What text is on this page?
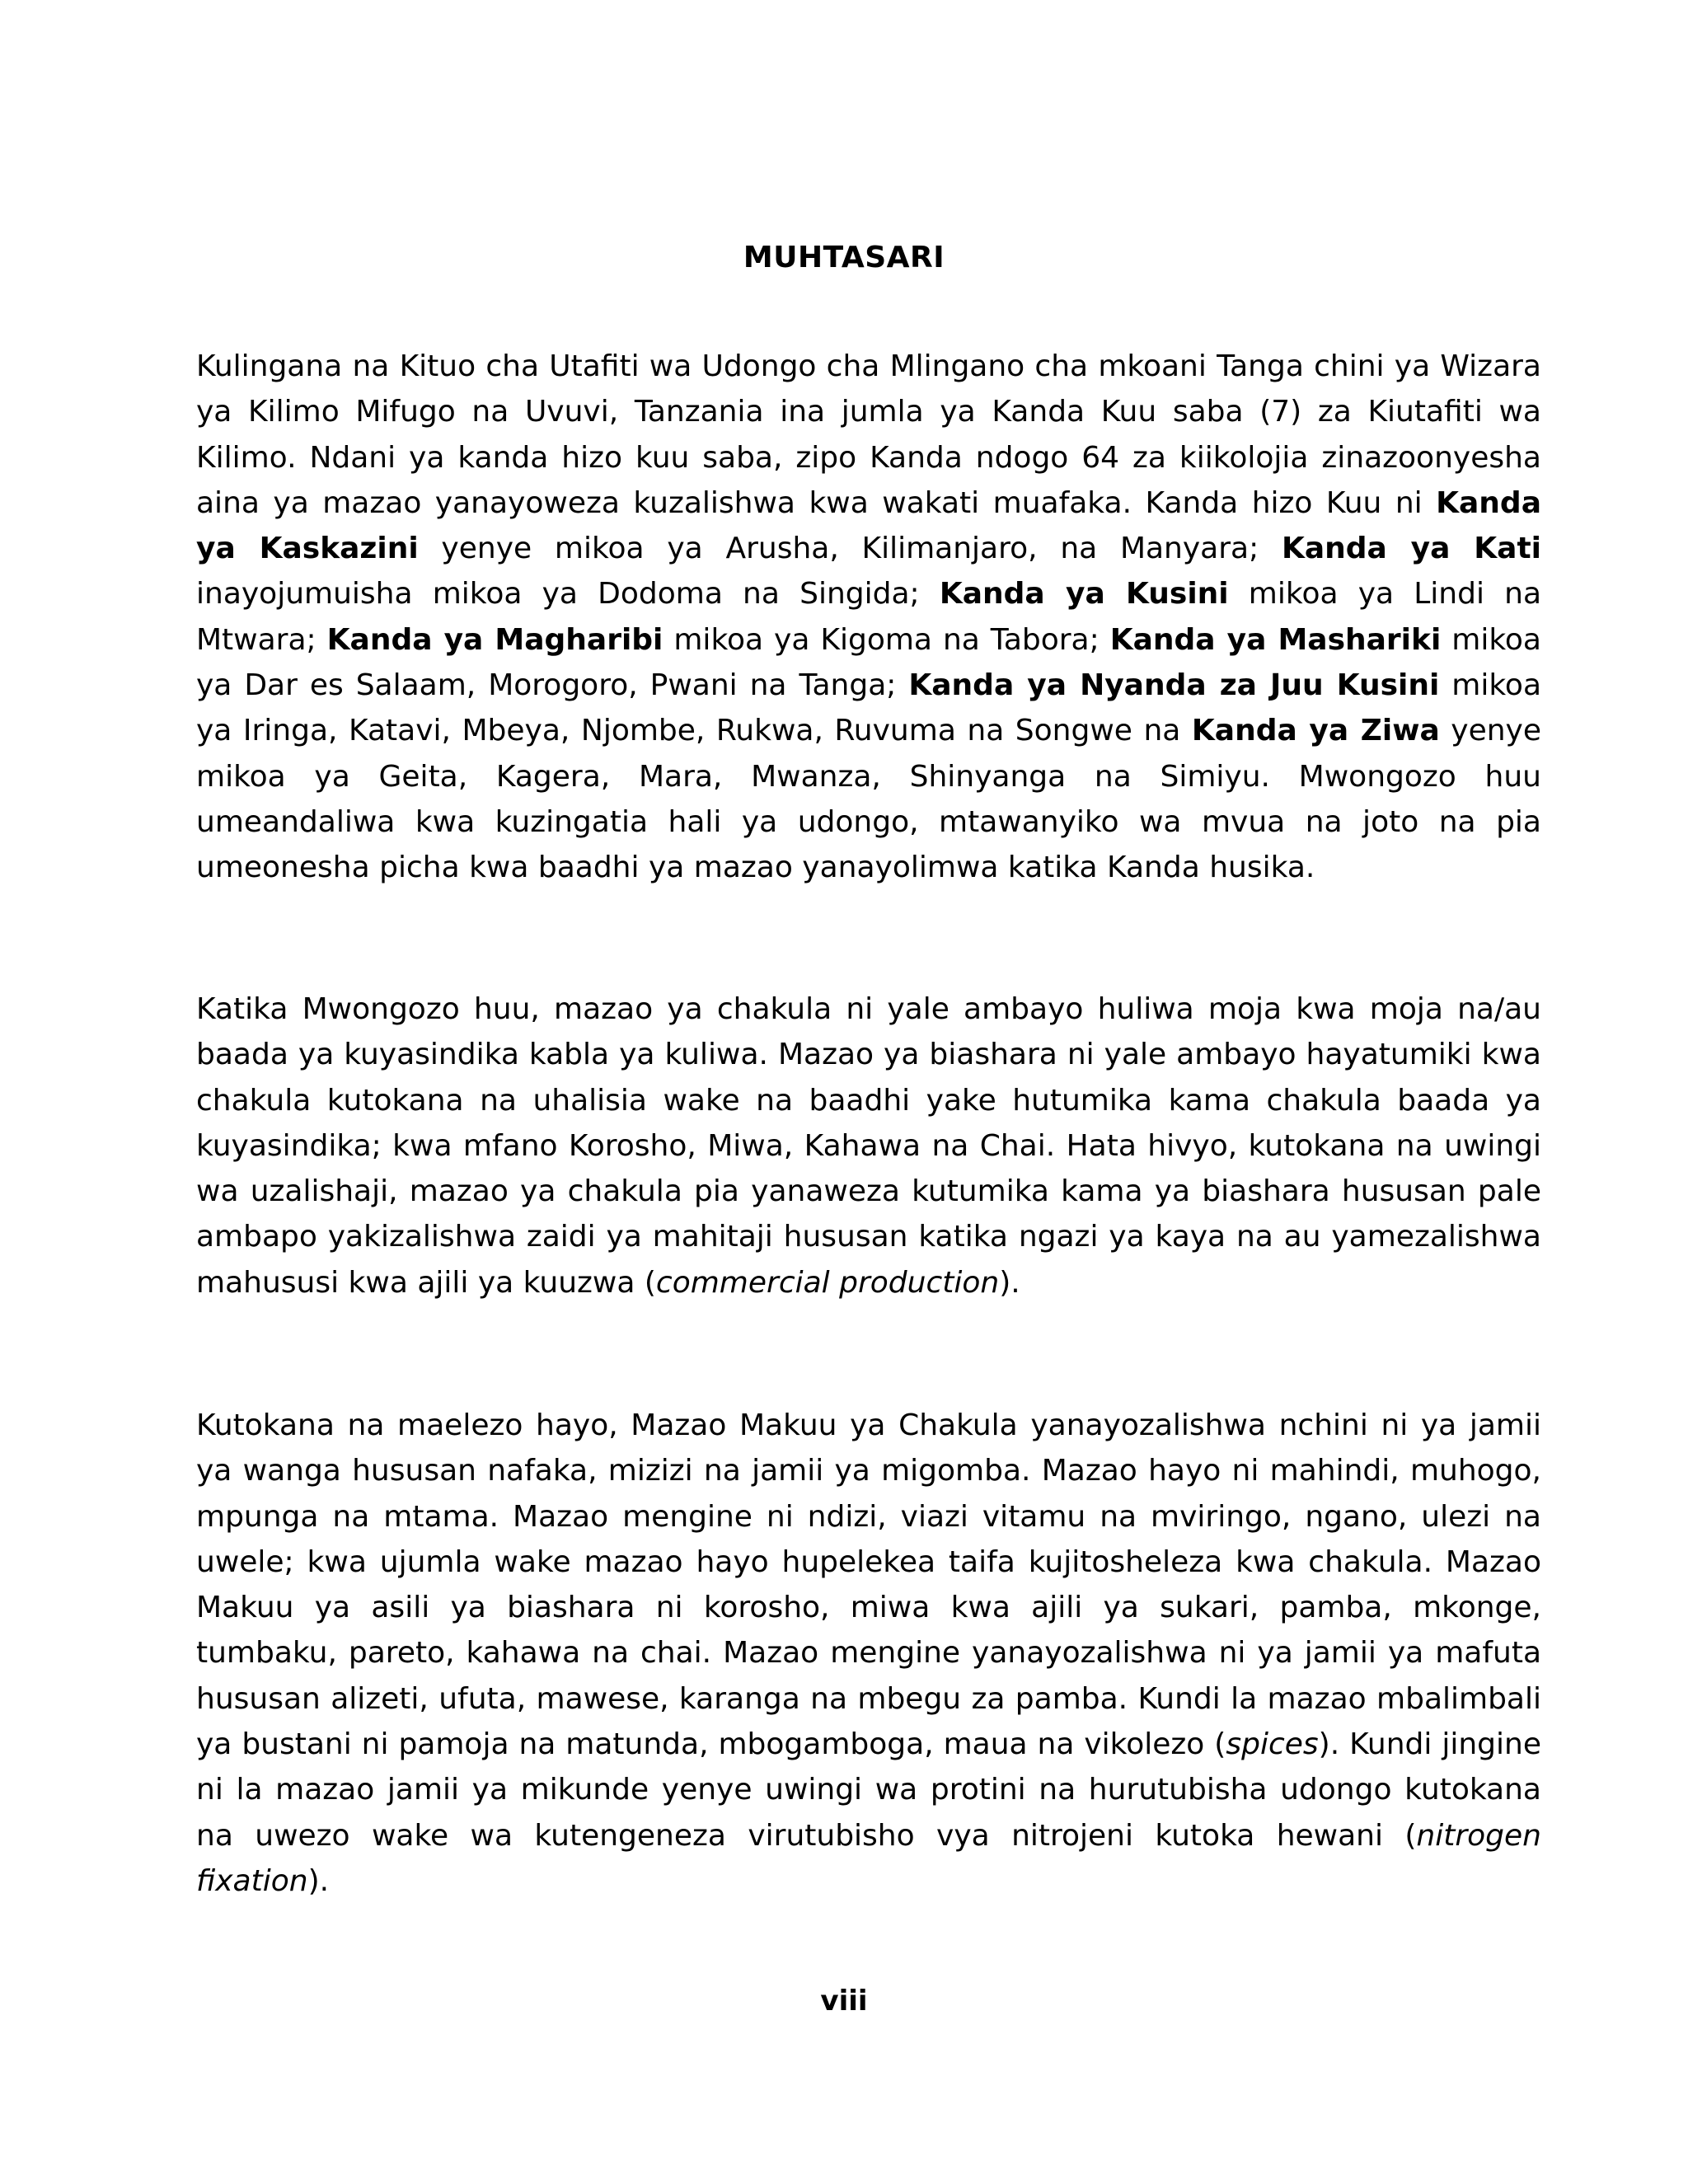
MUHTASARI

Kulingana na Kituo cha Utafiti wa Udongo cha Mlingano cha mkoani Tanga chini ya Wizara ya Kilimo Mifugo na Uvuvi, Tanzania ina jumla ya Kanda Kuu saba (7) za Kiutafiti wa Kilimo. Ndani ya kanda hizo kuu saba, zipo Kanda ndogo 64 za kiikolojia zinazoonyesha aina ya mazao yanayoweza kuzalishwa kwa wakati muafaka. Kanda hizo Kuu ni Kanda ya Kaskazini yenye mikoa ya Arusha, Kilimanjaro, na Manyara; Kanda ya Kati inayojumuisha mikoa ya Dodoma na Singida; Kanda ya Kusini mikoa ya Lindi na Mtwara; Kanda ya Magharibi mikoa ya Kigoma na Tabora; Kanda ya Mashariki mikoa ya Dar es Salaam, Morogoro, Pwani na Tanga; Kanda ya Nyanda za Juu Kusini mikoa ya Iringa, Katavi, Mbeya, Njombe, Rukwa, Ruvuma na Songwe na Kanda ya Ziwa yenye mikoa ya Geita, Kagera, Mara, Mwanza, Shinyanga na Simiyu. Mwongozo huu umeandaliwa kwa kuzingatia hali ya udongo, mtawanyiko wa mvua na joto na pia umeonesha picha kwa baadhi ya mazao yanayolimwa katika Kanda husika.

Katika Mwongozo huu, mazao ya chakula ni yale ambayo huliwa moja kwa moja na/au baada ya kuyasindika kabla ya kuliwa. Mazao ya biashara ni yale ambayo hayatumiki kwa chakula kutokana na uhalisia wake na baadhi yake hutumika kama chakula baada ya kuyasindika; kwa mfano Korosho, Miwa, Kahawa na Chai. Hata hivyo, kutokana na uwingi wa uzalishaji, mazao ya chakula pia yanaweza kutumika kama ya biashara hususan pale ambapo yakizalishwa zaidi ya mahitaji hususan katika ngazi ya kaya na au yamezalishwa mahususi kwa ajili ya kuuzwa (commercial production).

Kutokana na maelezo hayo, Mazao Makuu ya Chakula yanayozalishwa nchini ni ya jamii ya wanga hususan nafaka, mizizi na jamii ya migomba. Mazao hayo ni mahindi, muhogo, mpunga na mtama. Mazao mengine ni ndizi, viazi vitamu na mviringo, ngano, ulezi na uwele; kwa ujumla wake mazao hayo hupelekea taifa kujitosheleza kwa chakula. Mazao Makuu ya asili ya biashara ni korosho, miwa kwa ajili ya sukari, pamba, mkonge, tumbaku, pareto, kahawa na chai. Mazao mengine yanayozalishwa ni ya jamii ya mafuta hususan alizeti, ufuta, mawese, karanga na mbegu za pamba. Kundi la mazao mbalimbali ya bustani ni pamoja na matunda, mbogamboga, maua na vikolezo (spices). Kundi jingine ni la mazao jamii ya mikunde yenye uwingi wa protini na hurutubisha udongo kutokana na uwezo wake wa kutengeneza virutubisho vya nitrojeni kutoka hewani (nitrogen fixation).

viii
